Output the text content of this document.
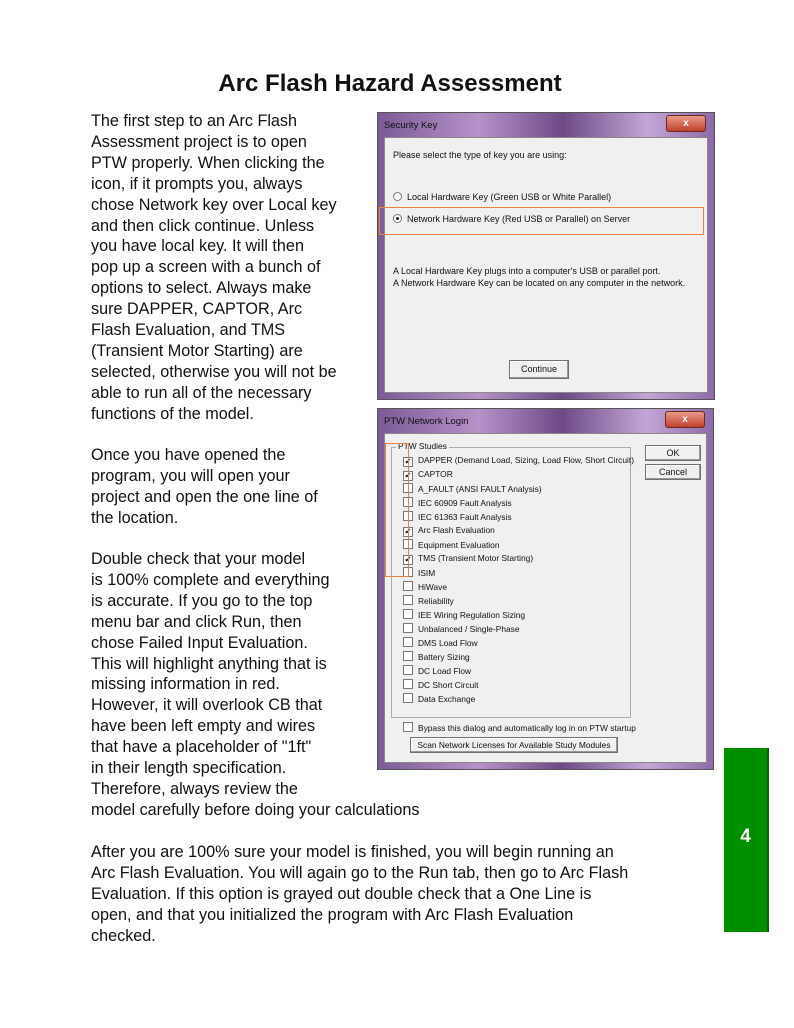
Arc Flash Hazard Assessment
The first step to an Arc Flash
Assessment project is to open
PTW properly. When clicking the
icon, if it prompts you, always
chose Network key over Local key
and then click continue. Unless
you have local key. It will then
pop up a screen with a bunch of
options to select. Always make
sure DAPPER, CAPTOR, Arc
Flash Evaluation, and TMS
(Transient Motor Starting) are
selected, otherwise you will not be
able to run all of the necessary
functions of the model.
Once you have opened the
program, you will open your
project and open the one line of
the location.
Double check that your model
is 100% complete and everything
is accurate. If you go to the top
menu bar and click Run, then
chose Failed Input Evaluation.
This will highlight anything that is
missing information in red.
However, it will overlook CB that
have been left empty and wires
that have a placeholder of "1ft"
in their length specification.
Therefore, always review the
model carefully before doing your calculations
After you are 100% sure your model is finished, you will begin running an
Arc Flash Evaluation. You will again go to the Run tab, then go to Arc Flash
Evaluation. If this option is grayed out double check that a One Line is
open, and that you initialized the program with Arc Flash Evaluation
checked.
Security Key	x
Please select the type of key you are using:
Local Hardware Key (Green USB or White Parallel)
Network Hardware Key (Red USB or Parallel) on Server
A Local Hardware Key plugs into a computer's USB or parallel port.
A Network Hardware Key can be located on any computer in the network.
Continue
PTW Network Login	x
PTW Studies
✔ DAPPER (Demand Load, Sizing, Load Flow, Short Circuit)
✔ CAPTOR
A_FAULT (ANSI FAULT Analysis)
IEC 60909 Fault Analysis
IEC 61363 Fault Analysis
✔ Arc Flash Evaluation
Equipment Evaluation
✔ TMS (Transient Motor Starting)
ISIM
HiWave
Reliability
IEE Wiring Regulation Sizing
Unbalanced / Single-Phase
DMS Load Flow
Battery Sizing
DC Load Flow
DC Short Circuit
Data Exchange
OK
Cancel
Bypass this dialog and automatically log in on PTW startup
Scan Network Licenses for Available Study Modules
4
